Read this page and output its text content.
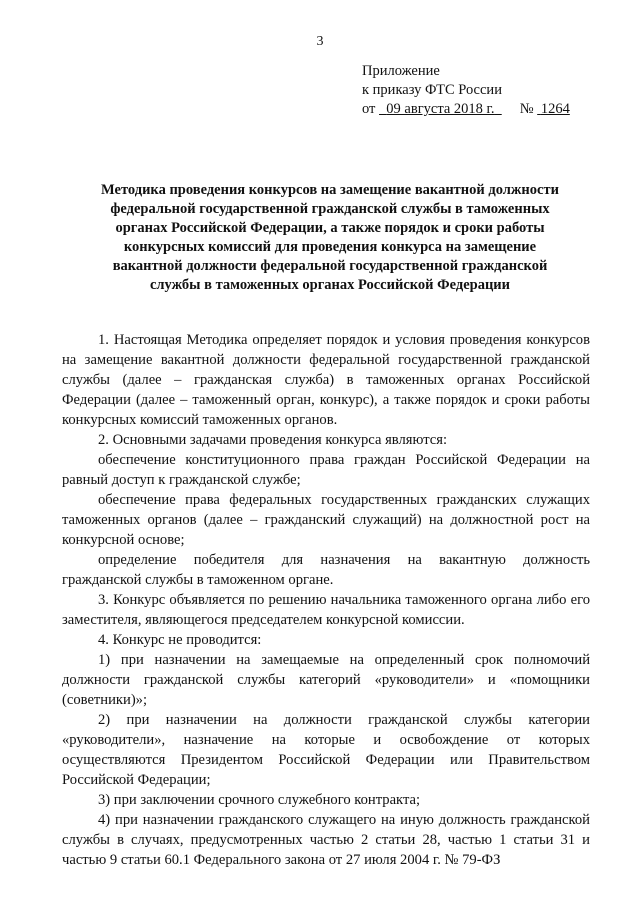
3
Приложение
к приказу ФТС России
от 09 августа 2018 г. № 1264
Методика проведения конкурсов на замещение вакантной должности
федеральной государственной гражданской службы в таможенных
органах Российской Федерации, а также порядок и сроки работы
конкурсных комиссий для проведения конкурса на замещение
вакантной должности федеральной государственной гражданской
службы в таможенных органах Российской Федерации

1. Настоящая Методика определяет порядок и условия проведения конкурсов на замещение вакантной должности федеральной государственной гражданской службы (далее – гражданская служба) в таможенных органах Российской Федерации (далее – таможенный орган, конкурс), а также порядок и сроки работы конкурсных комиссий таможенных органов.

2. Основными задачами проведения конкурса являются:

обеспечение конституционного права граждан Российской Федерации на равный доступ к гражданской службе;

обеспечение права федеральных государственных гражданских служащих таможенных органов (далее – гражданский служащий) на должностной рост на конкурсной основе;

определение победителя для назначения на вакантную должность гражданской службы в таможенном органе.

3. Конкурс объявляется по решению начальника таможенного органа либо его заместителя, являющегося председателем конкурсной комиссии.

4. Конкурс не проводится:

1) при назначении на замещаемые на определенный срок полномочий должности гражданской службы категорий «руководители» и «помощники (советники)»;

2) при назначении на должности гражданской службы категории «руководители», назначение на которые и освобождение от которых осуществляются Президентом Российской Федерации или Правительством Российской Федерации;

3) при заключении срочного служебного контракта;

4) при назначении гражданского служащего на иную должность гражданской службы в случаях, предусмотренных частью 2 статьи 28, частью 1 статьи 31 и частью 9 статьи 60.1 Федерального закона от 27 июля 2004 г. № 79-ФЗ
